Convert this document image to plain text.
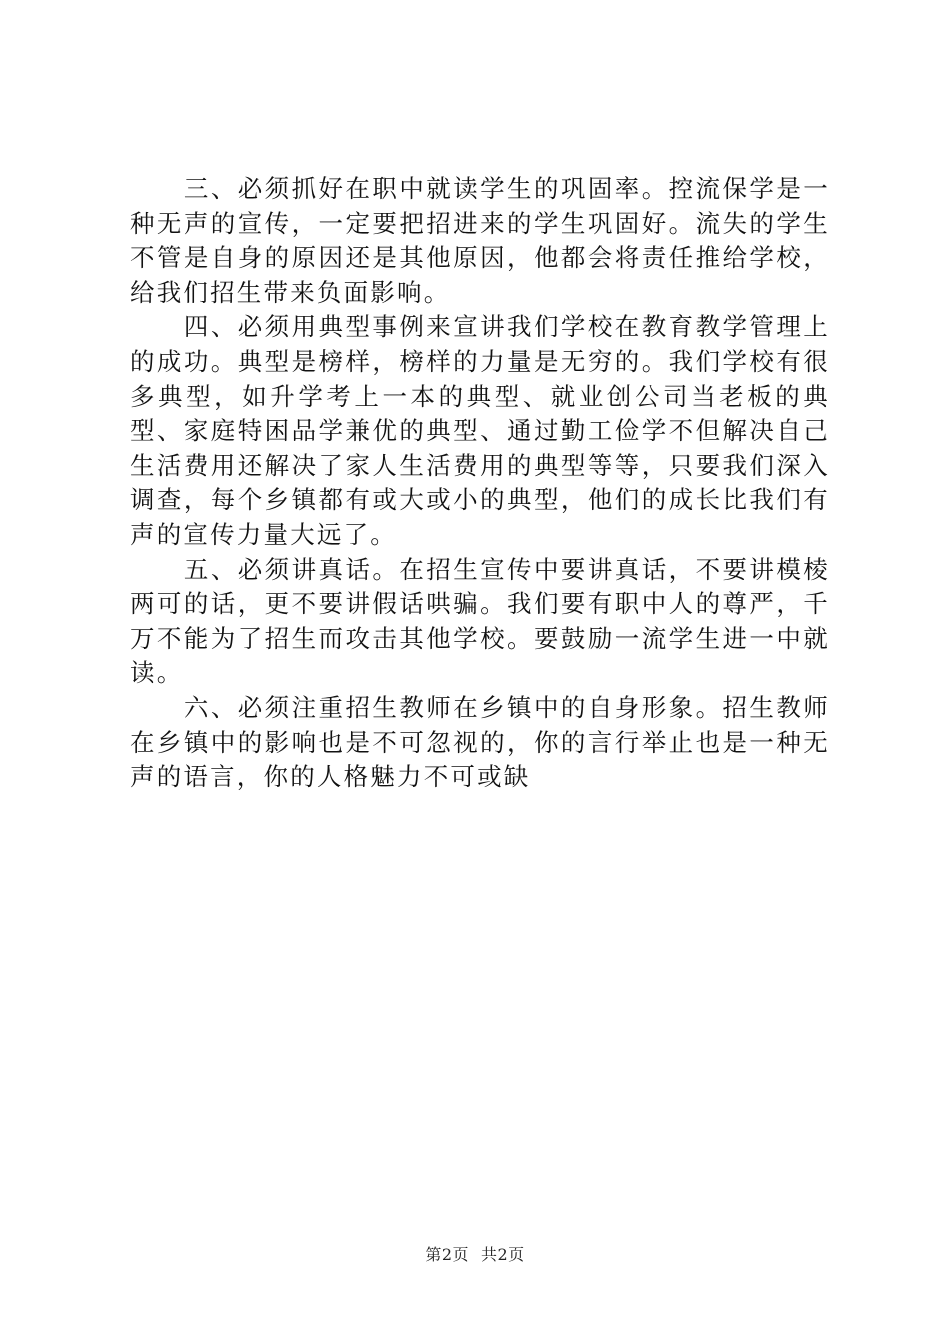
三、必须抓好在职中就读学生的巩固率。控流保学是一种无声的宣传，一定要把招进来的学生巩固好。流失的学生不管是自身的原因还是其他原因，他都会将责任推给学校，给我们招生带来负面影响。

四、必须用典型事例来宣讲我们学校在教育教学管理上的成功。典型是榜样，榜样的力量是无穷的。我们学校有很多典型，如升学考上一本的典型、就业创公司当老板的典型、家庭特困品学兼优的典型、通过勤工俭学不但解决自己生活费用还解决了家人生活费用的典型等等，只要我们深入调查，每个乡镇都有或大或小的典型，他们的成长比我们有声的宣传力量大远了。

五、必须讲真话。在招生宣传中要讲真话，不要讲模棱两可的话，更不要讲假话哄骗。我们要有职中人的尊严，千万不能为了招生而攻击其他学校。要鼓励一流学生进一中就读。

六、必须注重招生教师在乡镇中的自身形象。招生教师在乡镇中的影响也是不可忽视的，你的言行举止也是一种无声的语言，你的人格魅力不可或缺

第2页 共2页
